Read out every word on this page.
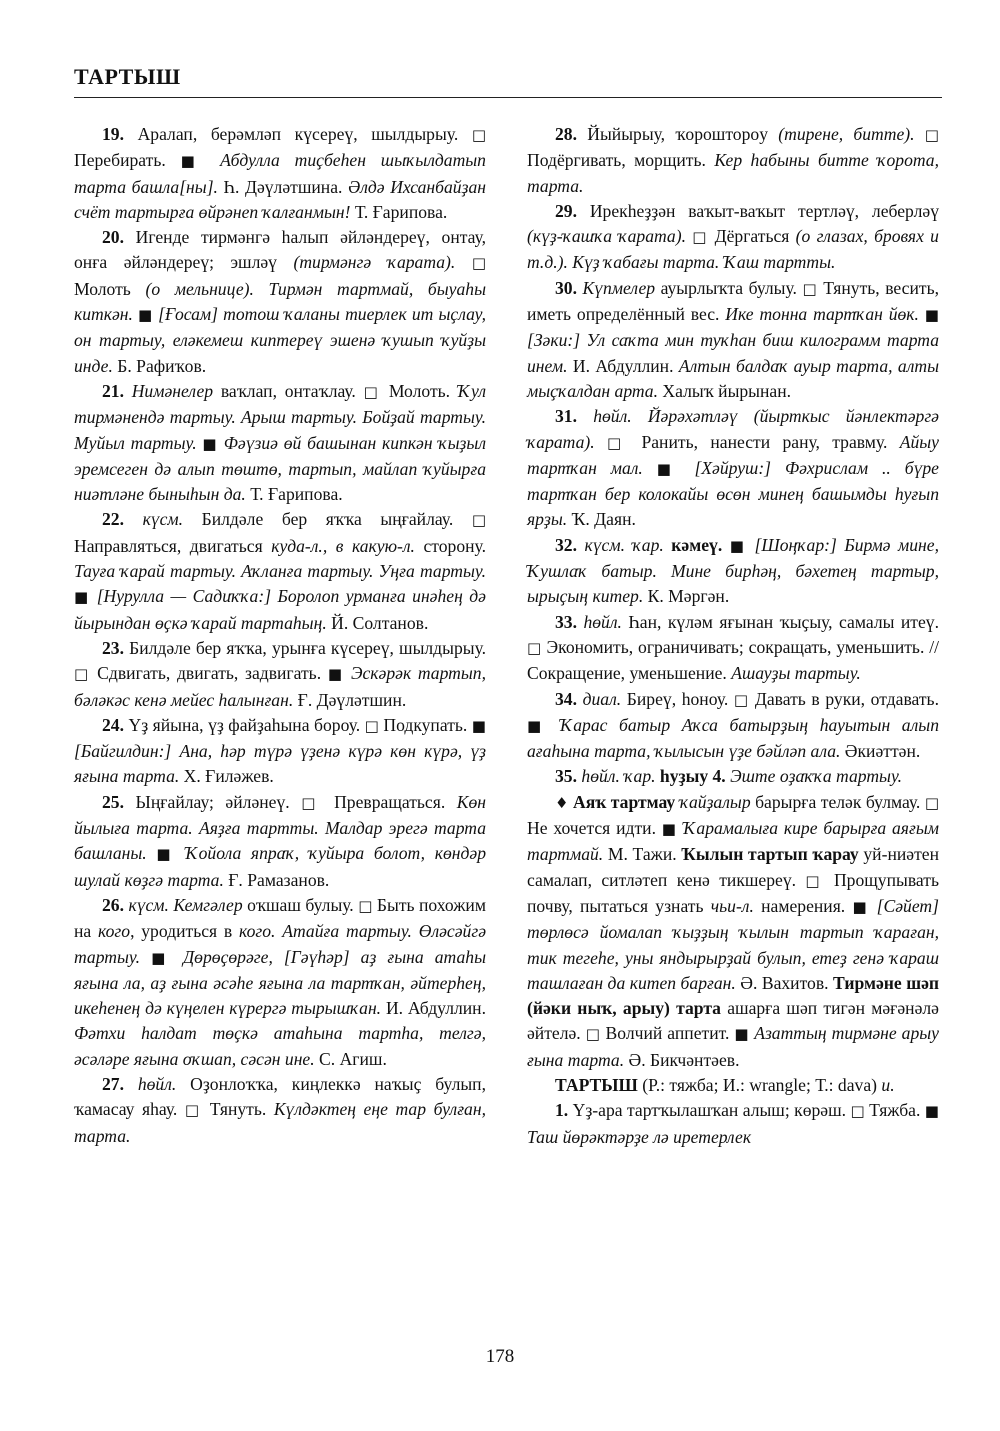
ТАРТЫШ

19. Аралап, берәмләп күсереү, шылдырыу. □ Перебирать. ■ Абдулла тиҫбеһен шыҡылдатып тарта башла[ны]. Һ. Дәүләтшина. Әлдә Ихсанбайҙан счёт тартырға өйрәнеп ҡалғанмын! Т. Ғарипова.

20. Игенде тирмәнгә һалып әйләндереү, онтау, онға әйләндереү; эшләү (тирмәнгә ҡарата). □ Молоть (о мельнице). Тирмән тартмай, быуаһы киткән. ■ [Ғосам] тотош ҡаланы тиерлек ит ыҫлау, он тартыу, еләкемеш киптереү эшенә ҡушып ҡуйҙы инде. Б. Рафиҡов.

21. Нимәнелер ваҡлап, онтаҡлау. □ Молоть. Ҡул тирмәнендә тартыу. Арыш тартыу. Бойҙай тартыу. Муйыл тартыу. ■ Фәүзиә өй башынан кипкән ҡыҙыл эремсеген дә алып төштө, тартып, майлап ҡуйырға ниәтләне быныһын да. Т. Ғарипова.

22. күсм. Билдәле бер яҡҡа ыңғайлау. □ Направляться, двигаться куда-л., в какую-л. сторону. Тауға ҡарай тартыу. Аҡланға тартыу. Уңға тартыу. ■ [Нурулла — Садиҡҡа:] Боролоп урманға инәһең дә йырындан өҫкә ҡарай тартаһың. Й. Солтанов.

23. Билдәле бер яҡҡа, урынға күсереү, шылдырыу. □ Сдвигать, двигать, задвигать. ■ Эскәрәк тартып, бәләкәс кенә мейес һалынған. Ғ. Дәүләтшин.

24. Үҙ яйына, үҙ файҙаһына бороу. □ Подкупать. ■ [Байгилдин:] Ана, һәр түрә үҙенә күрә көн күрә, үҙ яғына тарта. Х. Ғиләжев.

25. Ыңғайлау; әйләнеү. □ Превращаться. Көн йылыға тарта. Аяҙға тартты. Малдар эрегә тарта башланы. ■ Ҡойола япраҡ, ҡуйыра болот, көндәр шулай көҙгә тарта. Ғ. Рамазанов.

26. күсм. Кемгәлер оҡшаш булыу. □ Быть похожим на кого, уродиться в кого. Атайға тартыу. Өләсәйгә тартыу. ■ Дөрөҫөрәге, [Гәүһәр] аҙ ғына атаһы яғына ла, аҙ ғына әсәһе яғына ла тартҡан, әйтерһең, икеһенең дә күңелен күрергә тырышҡан. И. Абдуллин. Фәтхи һалдат төҫкә атаһына тартһа, телгә, әсәләре яғына оҡшап, сәсән ине. С. Агиш.

27. һөйл. Оҙонлоҡҡа, киңлеккә наҡыҫ булып, ҡамасау яһау. □ Тянуть. Күлдәктең еңе тар булған, тарта.

28. Йыйырыу, ҡорошторoу (тирене, битте). □ Подёргивать, морщить. Кер һабыны битте ҡорота, тарта.

29. Ирекһеҙҙән ваҡыт-ваҡыт тертләү, леберләү (күҙ-ҡашҡа ҡарата). □ Дёргаться (о глазах, бровях и т.д.). Күҙ ҡабағы тарта. Ҡаш тартты.

30. Күпмелер ауырлыҡта булыу. □ Тянуть, весить, иметь определённый вес. Ике тонна тартҡан йөк. ■ [Зәки:] Ул саҡта мин туҡһан биш килограмм тарта инем. И. Абдуллин. Алтын балдаҡ ауыр тарта, алты мыҫҡалдан арта. Халыҡ йырынан.

31. һөйл. Йәрәхәтләү (йырткыс йәнлектәргә ҡарата). □ Ранить, нанести рану, травму. Айыу тартҡан мал. ■ [Хәйруш:] Фәхрислам .. бүре тартҡан бер колокайы өсөн минең башымды һуғып ярҙы. Ҡ. Даян.

32. күсм. ҡар. кәмеү. ■ [Шоңҡар:] Бирмә мине, Ҡушлаҡ батыр. Мине бирһәң, бәхетең тартыр, ырыҫың китер. К. Мәргән.

33. һөйл. Һан, күләм яғынан ҡыҫыу, самалы итеү. □ Экономить, ограничивать; сокращать, уменьшить. // Сокращение, уменьшение. Ашауҙы тартыу.

34. диал. Биреү, һоноу. □ Давать в руки, отдавать. ■ Ҡарас батыр Аҡса батырҙың һауытын алып ағаһына тарта, ҡылысын үҙе бәйләп ала. Әкиәттән.

35. һөйл. ҡар. һуҙыу 4. Эште оҙаҡҡа тартыу.

♦ Аяҡ тартмау ҡайҙалыр барырға теләк булмау. □ Не хочется идти. ■ Ҡарамалыға кире барырға аяғым тартмай. М. Тажи. Ҡылын тартып ҡарау уй-ниәтен самалап, ситләтеп кенә тикшереү. □ Прощупывать почву, пытаться узнать чьи-л. намерения. ■ [Сәйет] төрлөсә йомалап ҡыҙҙың ҡылын тартып ҡараған, тик тегеһе, уны яндырырҙай булып, етеҙ генә ҡараш ташлаған да китеп барған. Ә. Вахитов. Тирмәне шәп (йәки ныҡ, арыу) тарта ашарға шәп тигән мәғәнәлә әйтелә. □ Волчий аппетит. ■ Азаттың тирмәне арыу ғына тарта. Ә. Бикчәнтәев.

ТАРТЫШ (Р.: тяжба; И.: wrangle; Т.: dava) и.

1. Үҙ-ара тартҡылашҡан алыш; көрәш. □ Тяжба. ■ Таш йөрәктәрҙе лә иретерлек

178
